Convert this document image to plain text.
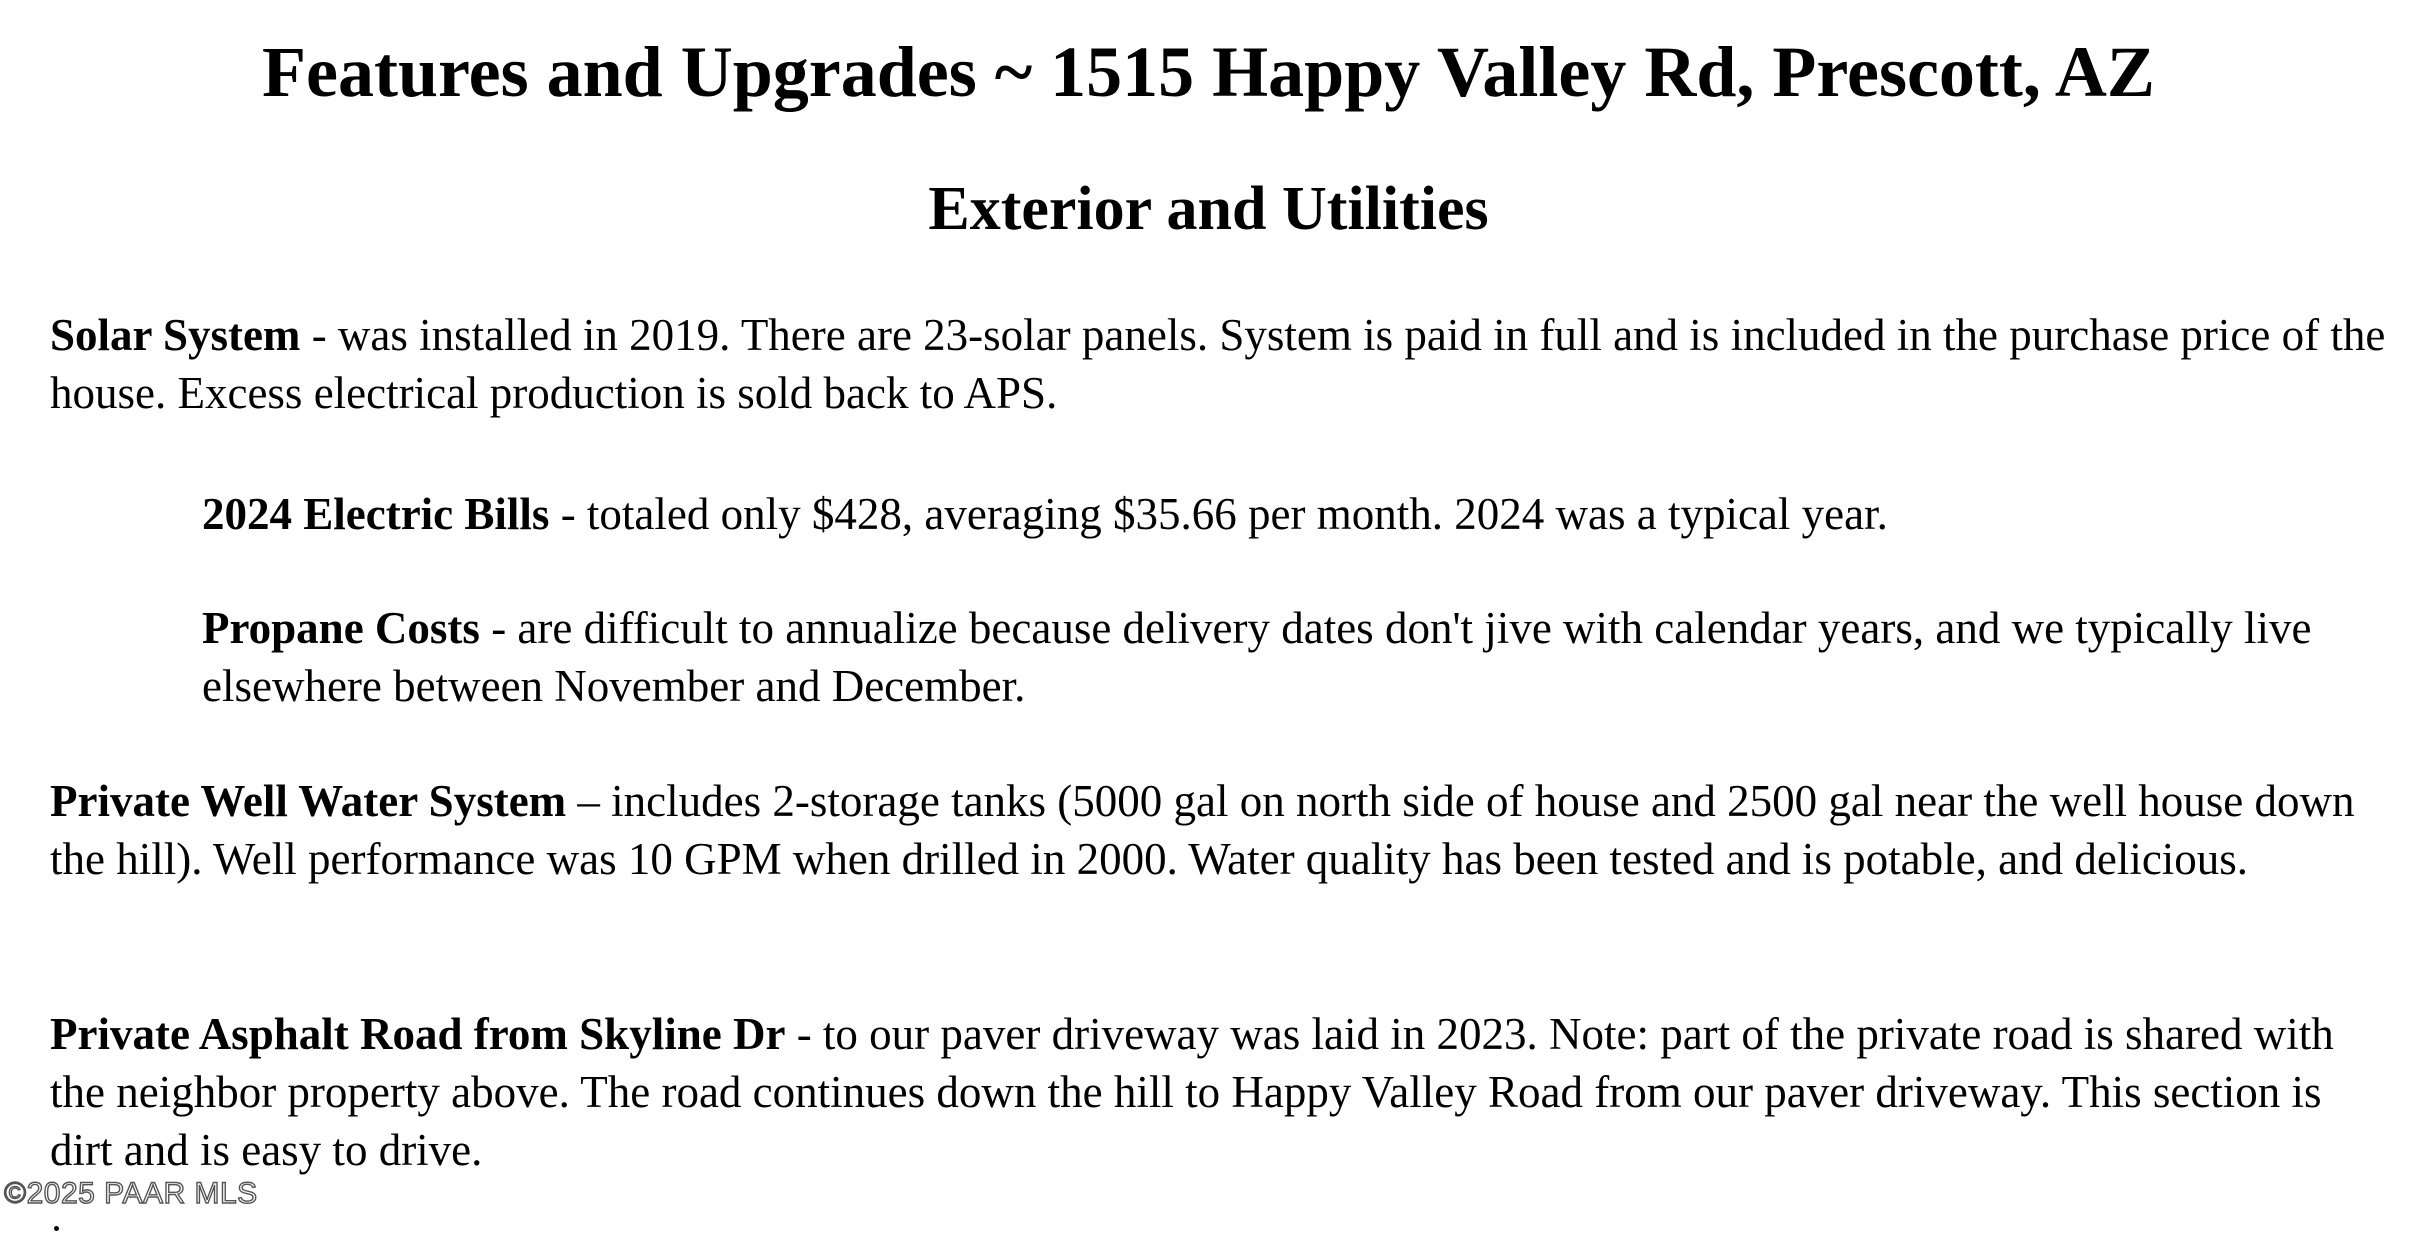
Features and Upgrades ~ 1515 Happy Valley Rd, Prescott, AZ
Exterior and Utilities

Solar System - was installed in 2019. There are 23-solar panels. System is paid in full and is included in the purchase price of the house. Excess electrical production is sold back to APS.

2024 Electric Bills - totaled only $428, averaging $35.66 per month. 2024 was a typical year.

Propane Costs - are difficult to annualize because delivery dates don't jive with calendar years, and we typically live elsewhere between November and December.

Private Well Water System – includes 2-storage tanks (5000 gal on north side of house and 2500 gal near the well house down the hill). Well performance was 10 GPM when drilled in 2000. Water quality has been tested and is potable, and delicious.

Private Asphalt Road from Skyline Dr - to our paver driveway was laid in 2023. Note: part of the private road is shared with the neighbor property above. The road continues down the hill to Happy Valley Road from our paver driveway. This section is dirt and is easy to drive.

©2025 PAAR MLS
